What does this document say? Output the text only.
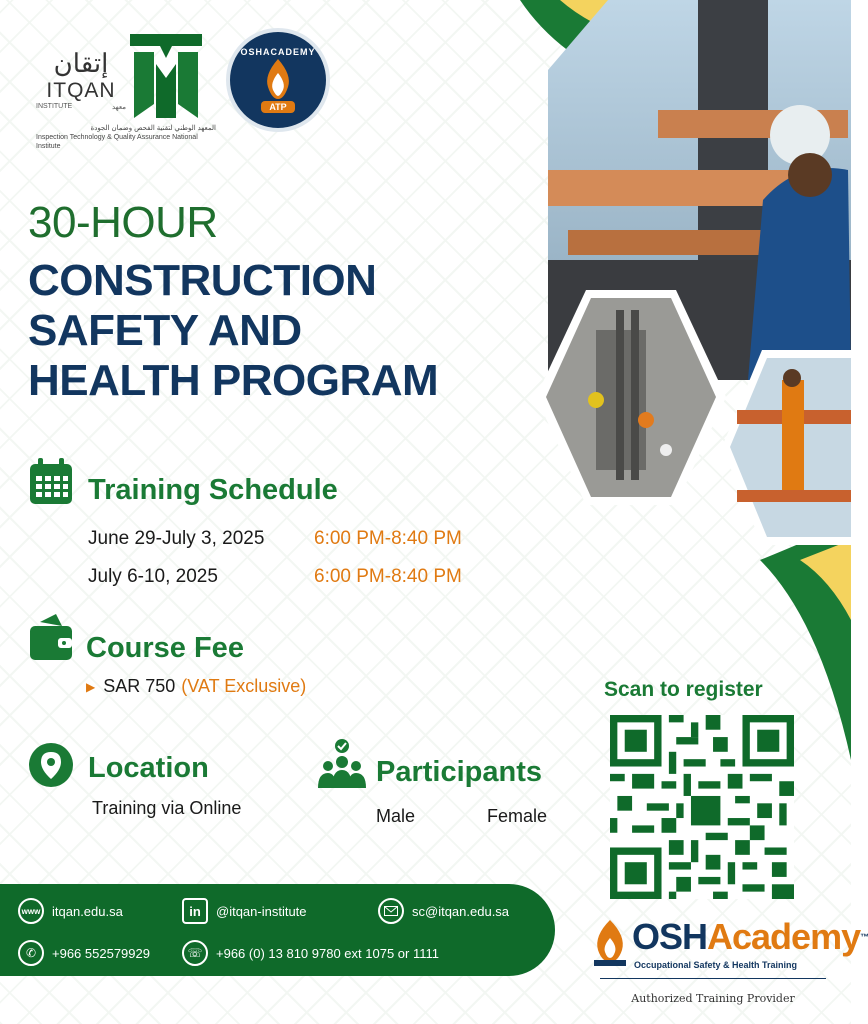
إتقان
ITQAN
INSTITUTE	معهد
المعهد الوطني لتقنية الفحص وضمان الجودة
Inspection Technology & Quality Assurance National Institute
OSHACADEMY
ATP
30-HOUR
CONSTRUCTION
SAFETY AND
HEALTH PROGRAM
Training Schedule
June 29-July 3, 2025	6:00 PM-8:40 PM
July 6-10, 2025	6:00 PM-8:40 PM
Course Fee
▶ SAR 750 (VAT Exclusive)
Location
Training via Online
Participants
Male	Female
Scan to register
www itqan.edu.sa	in	@itqan-institute	sc@itqan.edu.sa
✆ +966 552579929	☏ +966 (0) 13 810 9780 ext 1075 or 1111	OSHAcademy™
Occupational Safety & Health Training
Authorized Training Provider
